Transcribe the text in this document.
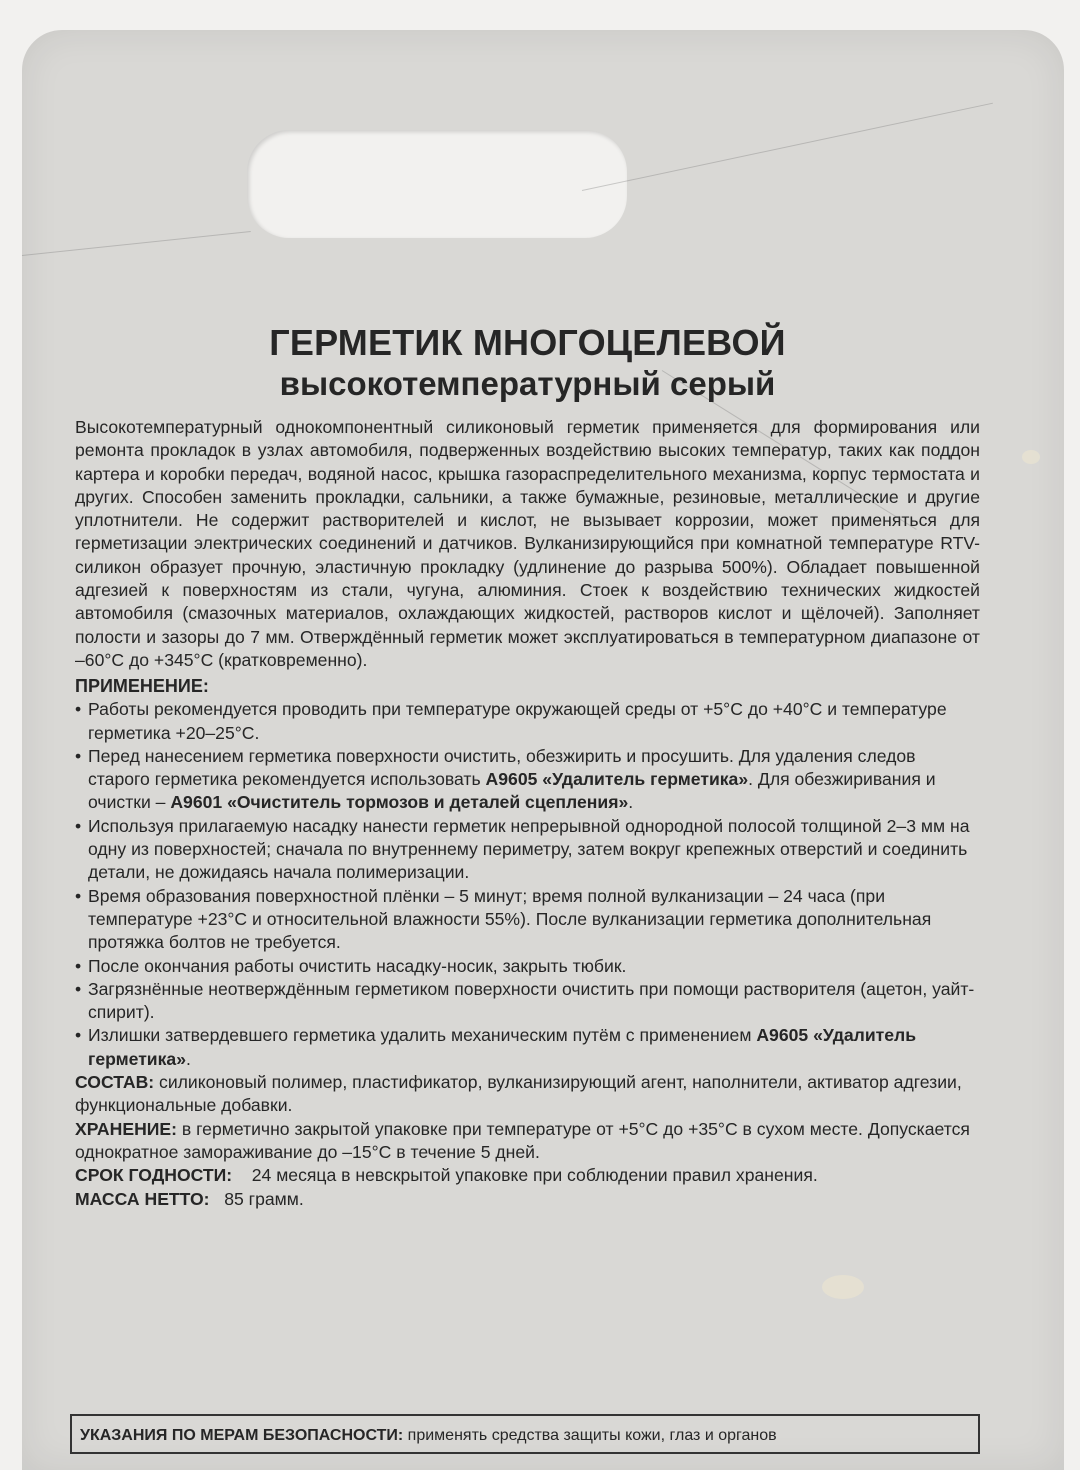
ГЕРМЕТИК МНОГОЦЕЛЕВОЙ
высокотемпературный серый

Высокотемпературный однокомпонентный силиконовый герметик применяется для формирования или ремонта прокладок в узлах автомобиля, подверженных воздействию высоких температур, таких как поддон картера и коробки передач, водяной насос, крышка газораспределительного механизма, корпус термостата и других. Способен заменить прокладки, сальники, а также бумажные, резиновые, металлические и другие уплотнители. Не содержит растворителей и кислот, не вызывает коррозии, может применяться для герметизации электрических соединений и датчиков. Вулканизирующийся при комнатной температуре RTV-силикон образует прочную, эластичную прокладку (удлинение до разрыва 500%). Обладает повышенной адгезией к поверхностям из стали, чугуна, алюминия. Стоек к воздействию технических жидкостей автомобиля (смазочных материалов, охлаждающих жидкостей, растворов кислот и щёлочей). Заполняет полости и зазоры до 7 мм. Отверждённый герметик может эксплуатироваться в температурном диапазоне от –60°С до +345°С (кратковременно).

ПРИМЕНЕНИЕ:
• Работы рекомендуется проводить при температуре окружающей среды от +5°С до +40°С и температуре герметика +20–25°С.
• Перед нанесением герметика поверхности очистить, обезжирить и просушить. Для удаления следов старого герметика рекомендуется использовать А9605 «Удалитель герметика». Для обезжиривания и очистки – А9601 «Очиститель тормозов и деталей сцепления».
• Используя прилагаемую насадку нанести герметик непрерывной однородной полосой толщиной 2–3 мм на одну из поверхностей; сначала по внутреннему периметру, затем вокруг крепежных отверстий и соединить детали, не дожидаясь начала полимеризации.
• Время образования поверхностной плёнки – 5 минут; время полной вулканизации – 24 часа (при температуре +23°С и относительной влажности 55%). После вулканизации герметика дополнительная протяжка болтов не требуется.
• После окончания работы очистить насадку-носик, закрыть тюбик.
• Загрязнённые неотверждённым герметиком поверхности очистить при помощи растворителя (ацетон, уайт-спирит).
• Излишки затвердевшего герметика удалить механическим путём с применением А9605 «Удалитель герметика».

СОСТАВ: силиконовый полимер, пластификатор, вулканизирующий агент, наполнители, активатор адгезии, функциональные добавки.

ХРАНЕНИЕ: в герметично закрытой упаковке при температуре от +5°С до +35°С в сухом месте. Допускается однократное замораживание до –15°С в течение 5 дней.

СРОК ГОДНОСТИ: 24 месяца в невскрытой упаковке при соблюдении правил хранения.

МАССА НЕТТО: 85 грамм.

УКАЗАНИЯ ПО МЕРАМ БЕЗОПАСНОСТИ: применять средства защиты кожи, глаз и органов
